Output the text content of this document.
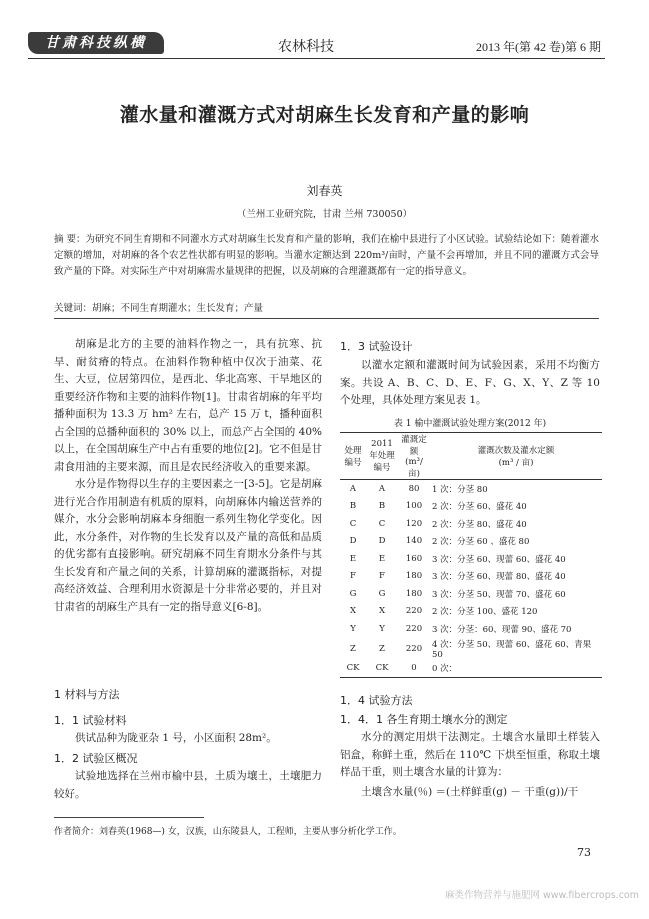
甘肃科技纵横	农林科技	2013 年(第 42 卷)第 6 期
灌水量和灌溉方式对胡麻生长发育和产量的影响
刘春英
（兰州工业研究院，甘肃 兰州 730050）
摘 要：为研究不同生育期和不同灌水方式对胡麻生长发育和产量的影响，我们在榆中县进行了小区试验。试验结论如下：随着灌水定额的增加，对胡麻的各个农艺性状都有明显的影响。当灌水定额达到 220m³/亩时，产量不会再增加，并且不同的灌溉方式会导致产量的下降。对实际生产中对胡麻需水量规律的把握，以及胡麻的合理灌溉都有一定的指导意义。
关键词：胡麻；不同生育期灌水；生长发育；产量
胡麻是北方的主要的油料作物之一，具有抗寒、抗旱、耐贫瘠的特点。在油料作物种植中仅次于油菜、花生、大豆，位居第四位，是西北、华北高寒、干旱地区的重要经济作物和主要的油料作物[1]。甘肃省胡麻的年平均播种面积为 13.3 万 hm² 左右，总产 15 万 t，播种面积占全国的总播种面积的 30% 以上，而总产占全国的 40% 以上，在全国胡麻生产中占有重要的地位[2]。它不但是甘肃食用油的主要来源，而且是农民经济收入的重要来源。
水分是作物得以生存的主要因素之一[3-5]。它是胡麻进行光合作用制造有机质的原料，向胡麻体内输送营养的媒介，水分会影响胡麻本身细胞一系列生物化学变化。因此，水分条件，对作物的生长发育以及产量的高低和品质的优劣都有直接影响。研究胡麻不同生育期水分条件与其生长发育和产量之间的关系，计算胡麻的灌溉指标，对提高经济效益、合理利用水资源是十分非常必要的，并且对甘肃省的胡麻生产具有一定的指导意义[6-8]。
1 材料与方法
1．1 试验材料
供试品种为陇亚杂 1 号，小区面积 28m²。
1．2 试验区概况
试验地选择在兰州市榆中县，土质为壤土，土壤肥力较好。
1．3 试验设计
以灌水定额和灌溉时间为试验因素，采用不均衡方案。共设 A、B、C、D、E、F、G、X、Y、Z 等 10 个处理，具体处理方案见表 1。
表 1 榆中灌溉试验处理方案(2012 年)
处理编号	2011 年处理编号	灌溉定额 (m³/亩)	灌溉次数及灌水定额
(m³ / 亩)

A	A	80	1 次：分茎 80
B	B	100	2 次：分茎 60、盛花 40
C	C	120	2 次：分茎 80、盛花 40
D	D	140	2 次：分茎 60 、盛花 80
E	E	160	3 次：分茎 60、现蕾 60、盛花 40
F	F	180	3 次：分茎 60、现蕾 80、盛花 40
G	G	180	3 次：分茎 50、现蕾 70、盛花 60
X	X	220	2 次：分茎 100、盛花 120
Y	Y	220	3 次：分茎：60、现蕾 90、盛花 70
Z	Z	220	4 次：分茎 50、现蕾 60、盛花 60、青果 50
CK	CK	0	0 次：
1．4 试验方法
1．4．1 各生育期土壤水分的测定
水分的测定用烘干法测定。土壤含水量即土样装入铝盒，称鲜土重，然后在 110℃ 下烘至恒重，称取土壤样品干重，则土壤含水量的计算为：
土壤含水量(％) ＝(土样鲜重(g) － 干重(g))/干
作者简介：刘春英(1968—) 女，汉族，山东陵县人，工程师，主要从事分析化学工作。
73
麻类作物营养与施肥网 www.fibercrops.com
